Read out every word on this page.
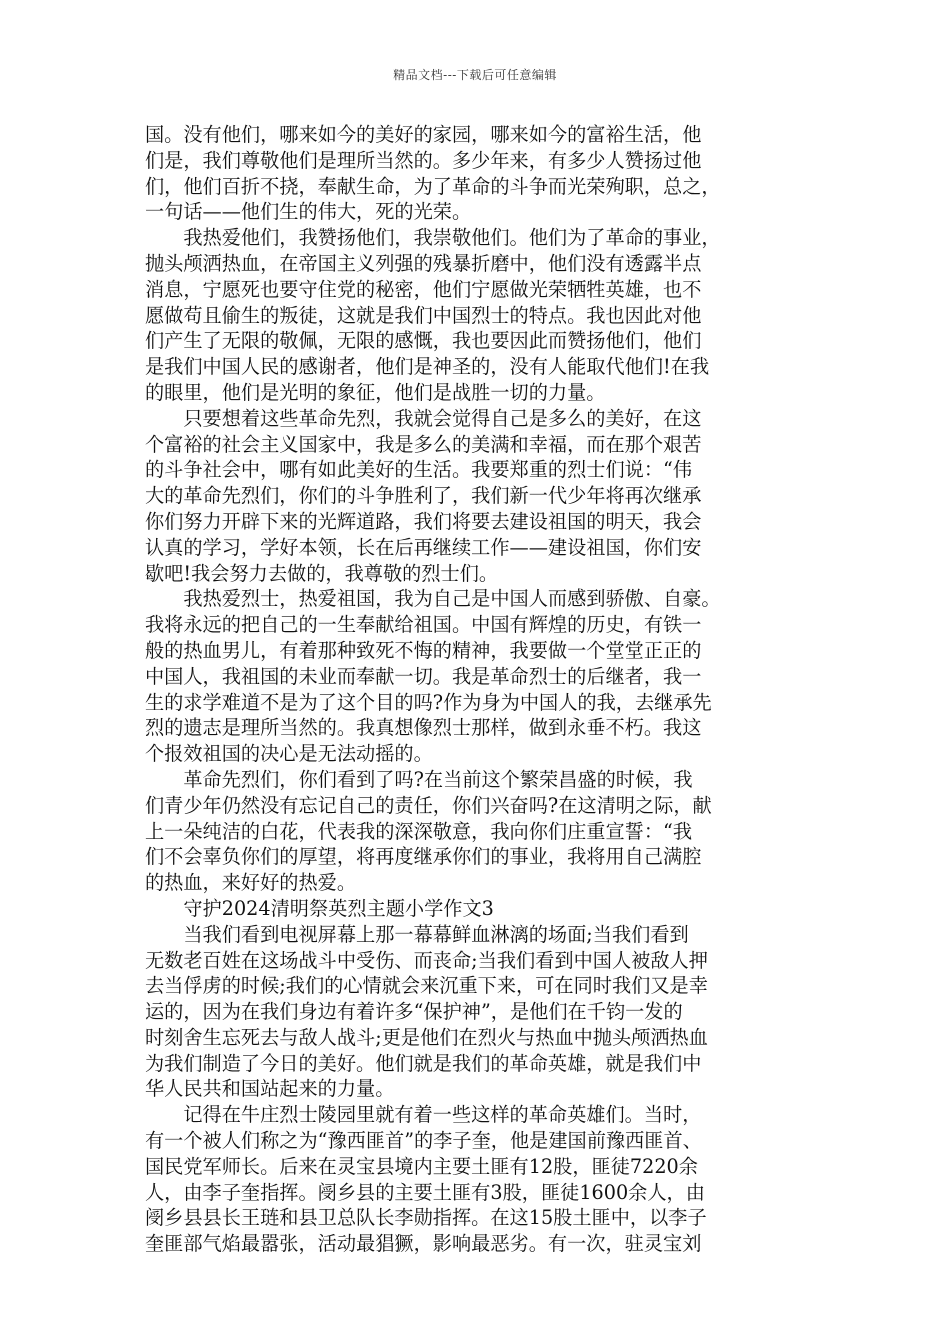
精品文档---下载后可任意编辑
国。没有他们，哪来如今的美好的家园，哪来如今的富裕生活，他
们是，我们尊敬他们是理所当然的。多少年来，有多少人赞扬过他
们，他们百折不挠，奉献生命，为了革命的斗争而光荣殉职，总之，
一句话——他们生的伟大，死的光荣。
　　我热爱他们，我赞扬他们，我崇敬他们。他们为了革命的事业，
抛头颅洒热血，在帝国主义列强的残暴折磨中，他们没有透露半点
消息，宁愿死也要守住党的秘密，他们宁愿做光荣牺牲英雄，也不
愿做苟且偷生的叛徒，这就是我们中国烈士的特点。我也因此对他
们产生了无限的敬佩，无限的感慨，我也要因此而赞扬他们，他们
是我们中国人民的感谢者，他们是神圣的，没有人能取代他们!在我
的眼里，他们是光明的象征，他们是战胜一切的力量。
　　只要想着这些革命先烈，我就会觉得自己是多么的美好，在这
个富裕的社会主义国家中，我是多么的美满和幸福，而在那个艰苦
的斗争社会中，哪有如此美好的生活。我要郑重的烈士们说：“伟
大的革命先烈们，你们的斗争胜利了，我们新一代少年将再次继承
你们努力开辟下来的光辉道路，我们将要去建设祖国的明天，我会
认真的学习，学好本领，长在后再继续工作——建设祖国，你们安
歇吧!我会努力去做的，我尊敬的烈士们。
　　我热爱烈士，热爱祖国，我为自己是中国人而感到骄傲、自豪。
我将永远的把自己的一生奉献给祖国。中国有辉煌的历史，有铁一
般的热血男儿，有着那种致死不悔的精神，我要做一个堂堂正正的
中国人，我祖国的未业而奉献一切。我是革命烈士的后继者，我一
生的求学难道不是为了这个目的吗?作为身为中国人的我，去继承先
烈的遗志是理所当然的。我真想像烈士那样，做到永垂不朽。我这
个报效祖国的决心是无法动摇的。
　　革命先烈们，你们看到了吗?在当前这个繁荣昌盛的时候，我
们青少年仍然没有忘记自己的责任，你们兴奋吗?在这清明之际，献
上一朵纯洁的白花，代表我的深深敬意，我向你们庄重宣誓：“我
们不会辜负你们的厚望，将再度继承你们的事业，我将用自己满腔
的热血，来好好的热爱。
　　守护2024清明祭英烈主题小学作文3
　　当我们看到电视屏幕上那一幕幕鲜血淋漓的场面;当我们看到
无数老百姓在这场战斗中受伤、而丧命;当我们看到中国人被敌人押
去当俘虏的时候;我们的心情就会来沉重下来，可在同时我们又是幸
运的，因为在我们身边有着许多“保护神”，是他们在千钧一发的
时刻舍生忘死去与敌人战斗;更是他们在烈火与热血中抛头颅洒热血
为我们制造了今日的美好。他们就是我们的革命英雄，就是我们中
华人民共和国站起来的力量。
　　记得在牛庄烈士陵园里就有着一些这样的革命英雄们。当时，
有一个被人们称之为“豫西匪首”的李子奎，他是建国前豫西匪首、
国民党军师长。后来在灵宝县境内主要土匪有12股，匪徒7220余
人，由李子奎指挥。阌乡县的主要土匪有3股，匪徒1600余人，由
阌乡县县长王琏和县卫总队长李勋指挥。在这15股土匪中，以李子
奎匪部气焰最嚣张，活动最猖獗，影响最恶劣。有一次，驻灵宝刘
